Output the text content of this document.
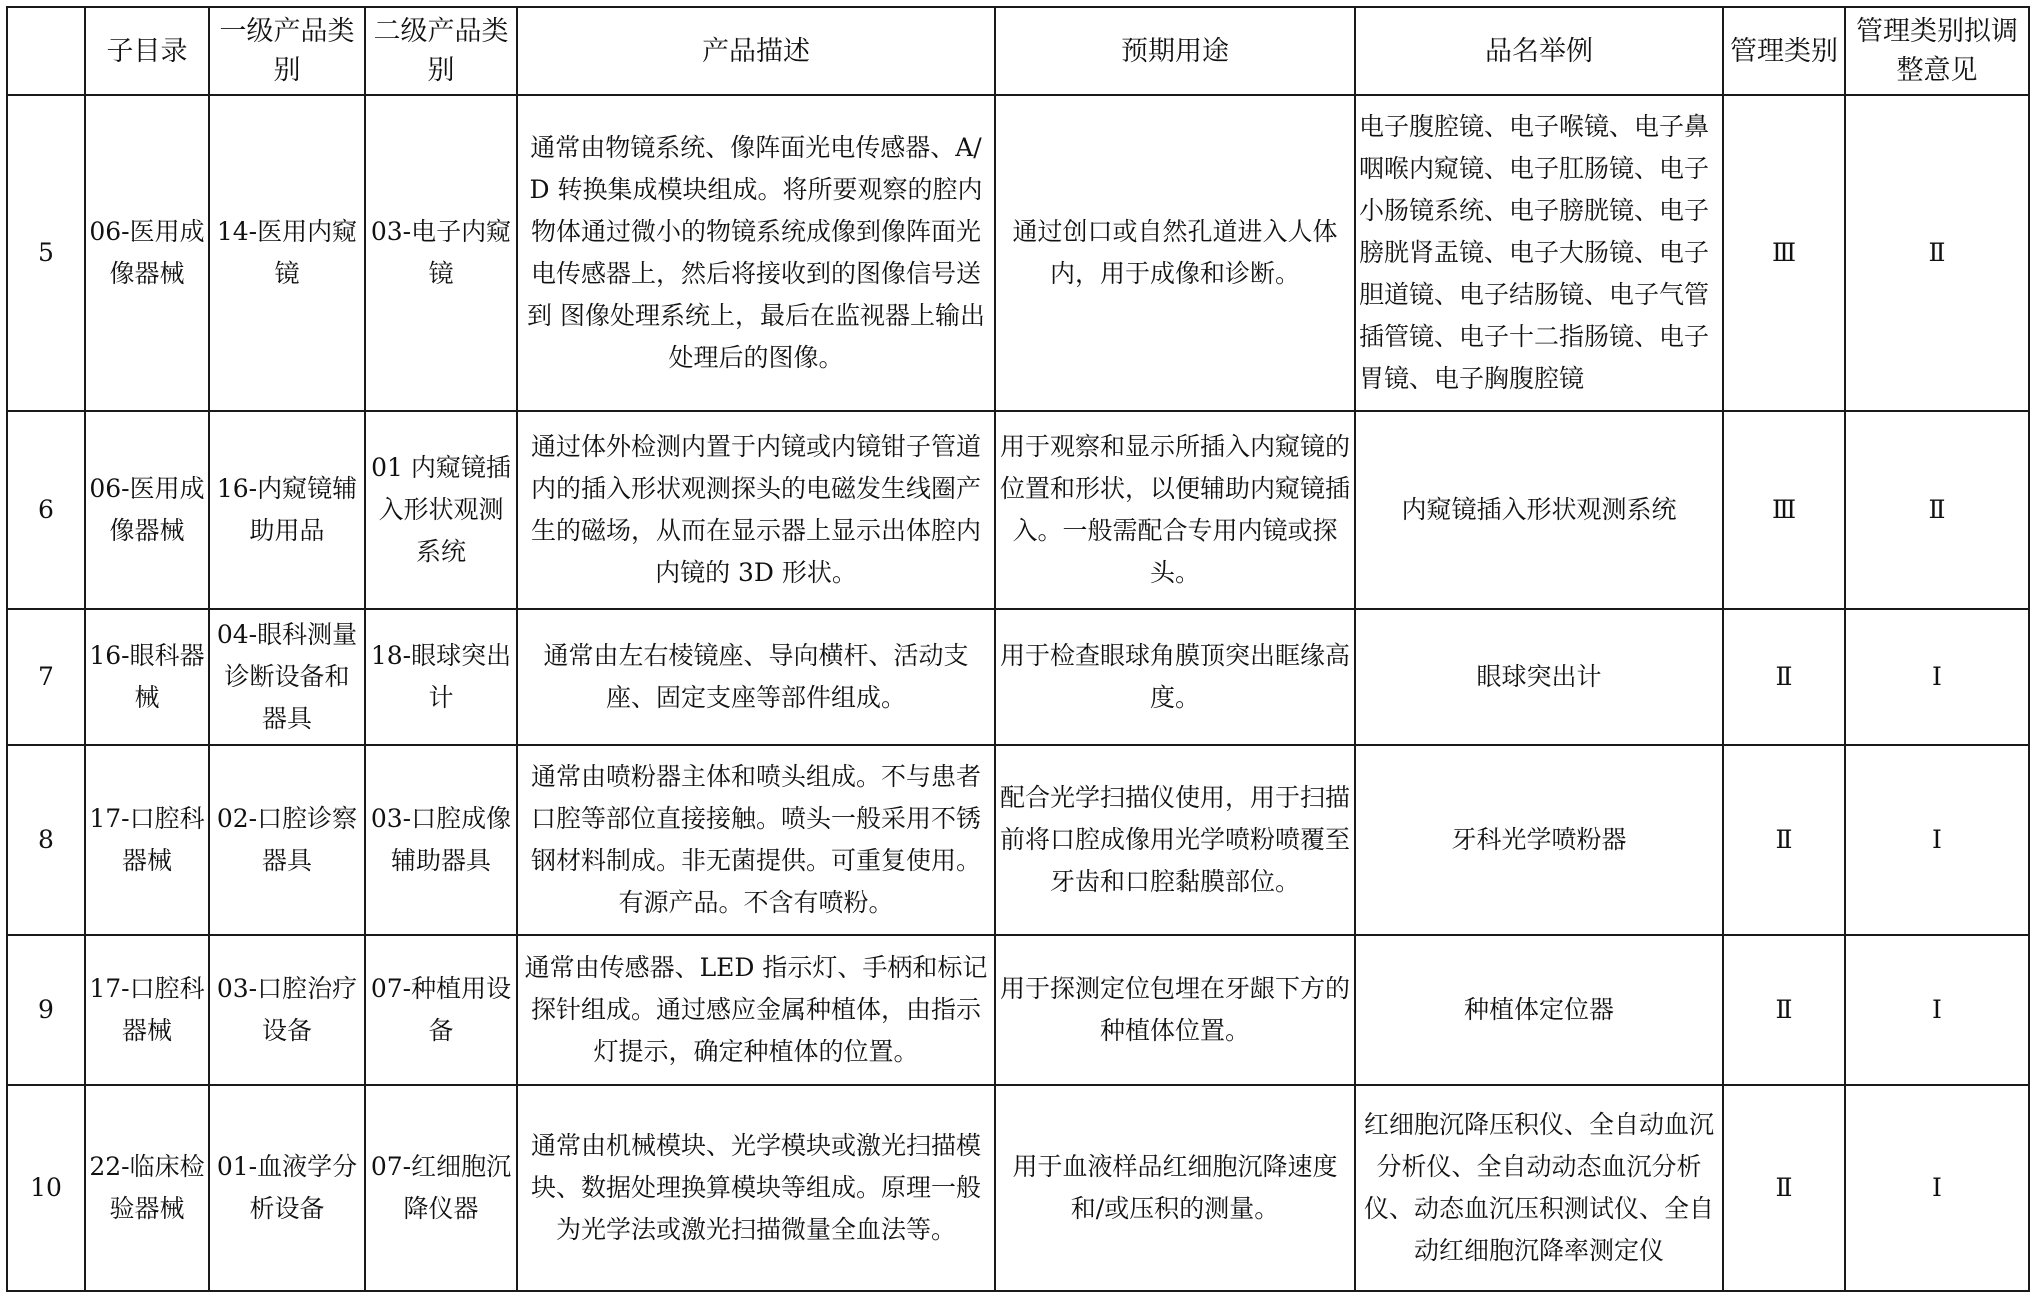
	子目录	一级产品类别	二级产品类别	产品描述	预期用途	品名举例	管理类别	管理类别拟调整意见
5	06-医用成像器械	14-医用内窥镜	03-电子内窥镜	通常由物镜系统、像阵面光电传感器、A/D 转换集成模块组成。将所要观察的腔内物体通过微小的物镜系统成像到像阵面光电传感器上，然后将接收到的图像信号送到 图像处理系统上，最后在监视器上输出处理后的图像。	通过创口或自然孔道进入人体内，用于成像和诊断。	电子腹腔镜、电子喉镜、电子鼻咽喉内窥镜、电子肛肠镜、电子小肠镜系统、电子膀胱镜、电子膀胱肾盂镜、电子大肠镜、电子胆道镜、电子结肠镜、电子气管插管镜、电子十二指肠镜、电子胃镜、电子胸腹腔镜	Ⅲ	Ⅱ
6	06-医用成像器械	16-内窥镜辅助用品	01 内窥镜插入形状观测系统	通过体外检测内置于内镜或内镜钳子管道内的插入形状观测探头的电磁发生线圈产生的磁场，从而在显示器上显示出体腔内内镜的 3D 形状。	用于观察和显示所插入内窥镜的位置和形状，以便辅助内窥镜插入。一般需配合专用内镜或探头。	内窥镜插入形状观测系统	Ⅲ	Ⅱ
7	16-眼科器械	04-眼科测量诊断设备和器具	18-眼球突出计	通常由左右棱镜座、导向横杆、活动支座、固定支座等部件组成。	用于检查眼球角膜顶突出眶缘高度。	眼球突出计	Ⅱ	Ⅰ
8	17-口腔科器械	02-口腔诊察器具	03-口腔成像辅助器具	通常由喷粉器主体和喷头组成。不与患者口腔等部位直接接触。喷头一般采用不锈钢材料制成。非无菌提供。可重复使用。有源产品。不含有喷粉。	配合光学扫描仪使用，用于扫描前将口腔成像用光学喷粉喷覆至牙齿和口腔黏膜部位。	牙科光学喷粉器	Ⅱ	Ⅰ
9	17-口腔科器械	03-口腔治疗设备	07-种植用设备	通常由传感器、LED 指示灯、手柄和标记探针组成。通过感应金属种植体，由指示灯提示，确定种植体的位置。	用于探测定位包埋在牙龈下方的种植体位置。	种植体定位器	Ⅱ	Ⅰ
10	22-临床检验器械	01-血液学分析设备	07-红细胞沉降仪器	通常由机械模块、光学模块或激光扫描模块、数据处理换算模块等组成。原理一般为光学法或激光扫描微量全血法等。	用于血液样品红细胞沉降速度和/或压积的测量。	红细胞沉降压积仪、全自动血沉分析仪、全自动动态血沉分析仪、动态血沉压积测试仪、全自动红细胞沉降率测定仪	Ⅱ	Ⅰ
